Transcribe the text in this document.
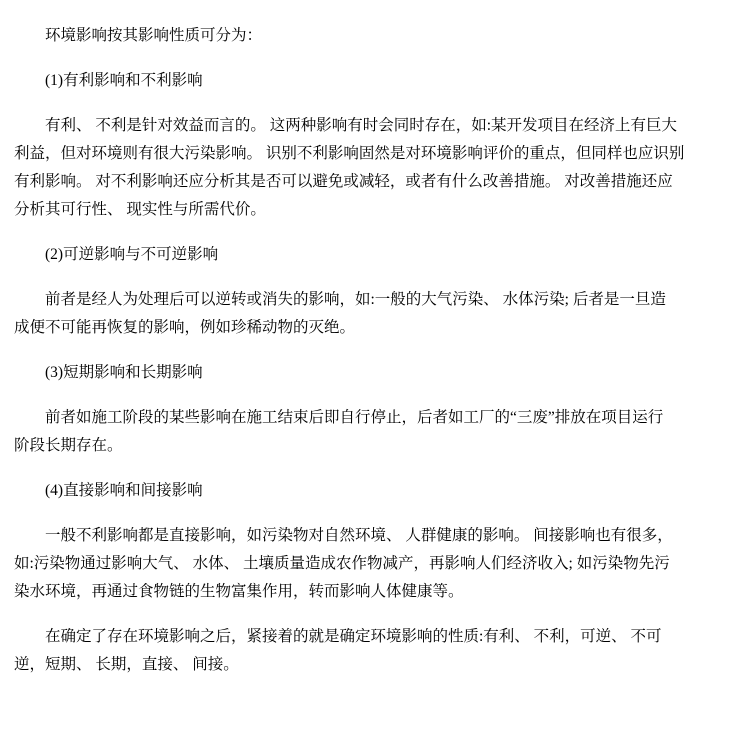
环境影响按其影响性质可分为：

(1)有利影响和不利影响

有利、 不利是针对效益而言的。 这两种影响有时会同时存在，如:某开发项目在经济上有巨大
利益，但对环境则有很大污染影响。 识别不利影响固然是对环境影响评价的重点，但同样也应识别
有利影响。 对不利影响还应分析其是否可以避免或减轻，或者有什么改善措施。 对改善措施还应
分析其可行性、 现实性与所需代价。

(2)可逆影响与不可逆影响

前者是经人为处理后可以逆转或消失的影响，如:一般的大气污染、 水体污染; 后者是一旦造
成便不可能再恢复的影响，例如珍稀动物的灭绝。

(3)短期影响和长期影响

前者如施工阶段的某些影响在施工结束后即自行停止，后者如工厂的“三废”排放在项目运行
阶段长期存在。

(4)直接影响和间接影响

一般不利影响都是直接影响，如污染物对自然环境、 人群健康的影响。 间接影响也有很多，
如:污染物通过影响大气、 水体、 土壤质量造成农作物减产，再影响人们经济收入; 如污染物先污
染水环境，再通过食物链的生物富集作用，转而影响人体健康等。

在确定了存在环境影响之后，紧接着的就是确定环境影响的性质:有利、 不利，可逆、 不可
逆，短期、 长期，直接、 间接。
